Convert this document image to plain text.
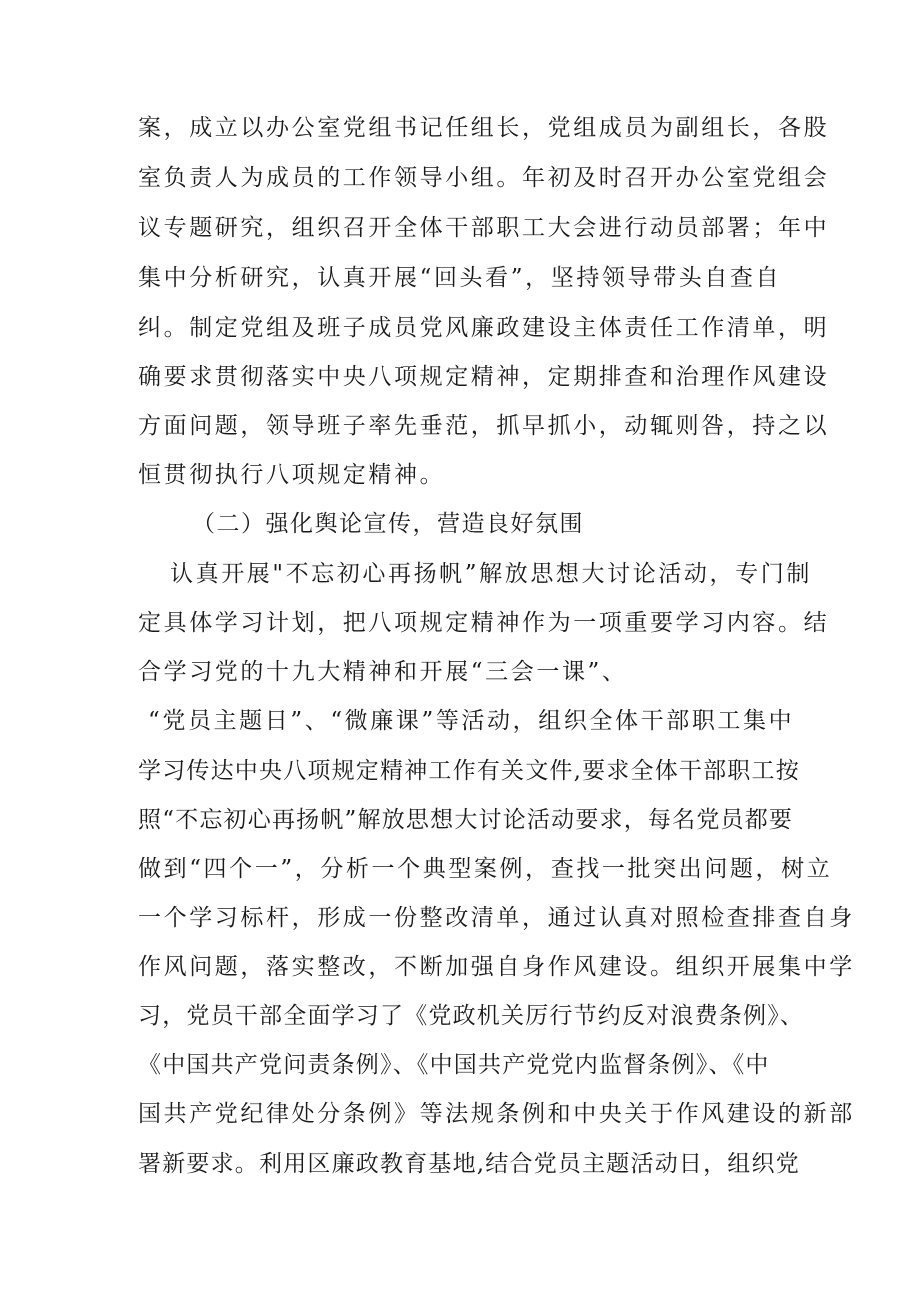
案，成立以办公室党组书记任组长，党组成员为副组长，各股
室负责人为成员的工作领导小组。年初及时召开办公室党组会
议专题研究，组织召开全体干部职工大会进行动员部署；年中
集中分析研究，认真开展“回头看”，坚持领导带头自查自
纠。制定党组及班子成员党风廉政建设主体责任工作清单，明
确要求贯彻落实中央八项规定精神，定期排查和治理作风建设
方面问题，领导班子率先垂范，抓早抓小，动辄则咎，持之以
恒贯彻执行八项规定精神。
（二）强化舆论宣传，营造良好氛围
认真开展"不忘初心再扬帆”解放思想大讨论活动，专门制
定具体学习计划，把八项规定精神作为一项重要学习内容。结
合学习党的十九大精神和开展“三会一课”、
“党员主题日”、“微廉课”等活动，组织全体干部职工集中
学习传达中央八项规定精神工作有关文件,要求全体干部职工按
照“不忘初心再扬帆”解放思想大讨论活动要求，每名党员都要
做到“四个一”，分析一个典型案例，查找一批突出问题，树立
一个学习标杆，形成一份整改清单，通过认真对照检查排查自身
作风问题，落实整改，不断加强自身作风建设。组织开展集中学
习，党员干部全面学习了《党政机关厉行节约反对浪费条例》、
《中国共产党问责条例》、《中国共产党党内监督条例》、《中
国共产党纪律处分条例》等法规条例和中央关于作风建设的新部
署新要求。利用区廉政教育基地,结合党员主题活动日，组织党
